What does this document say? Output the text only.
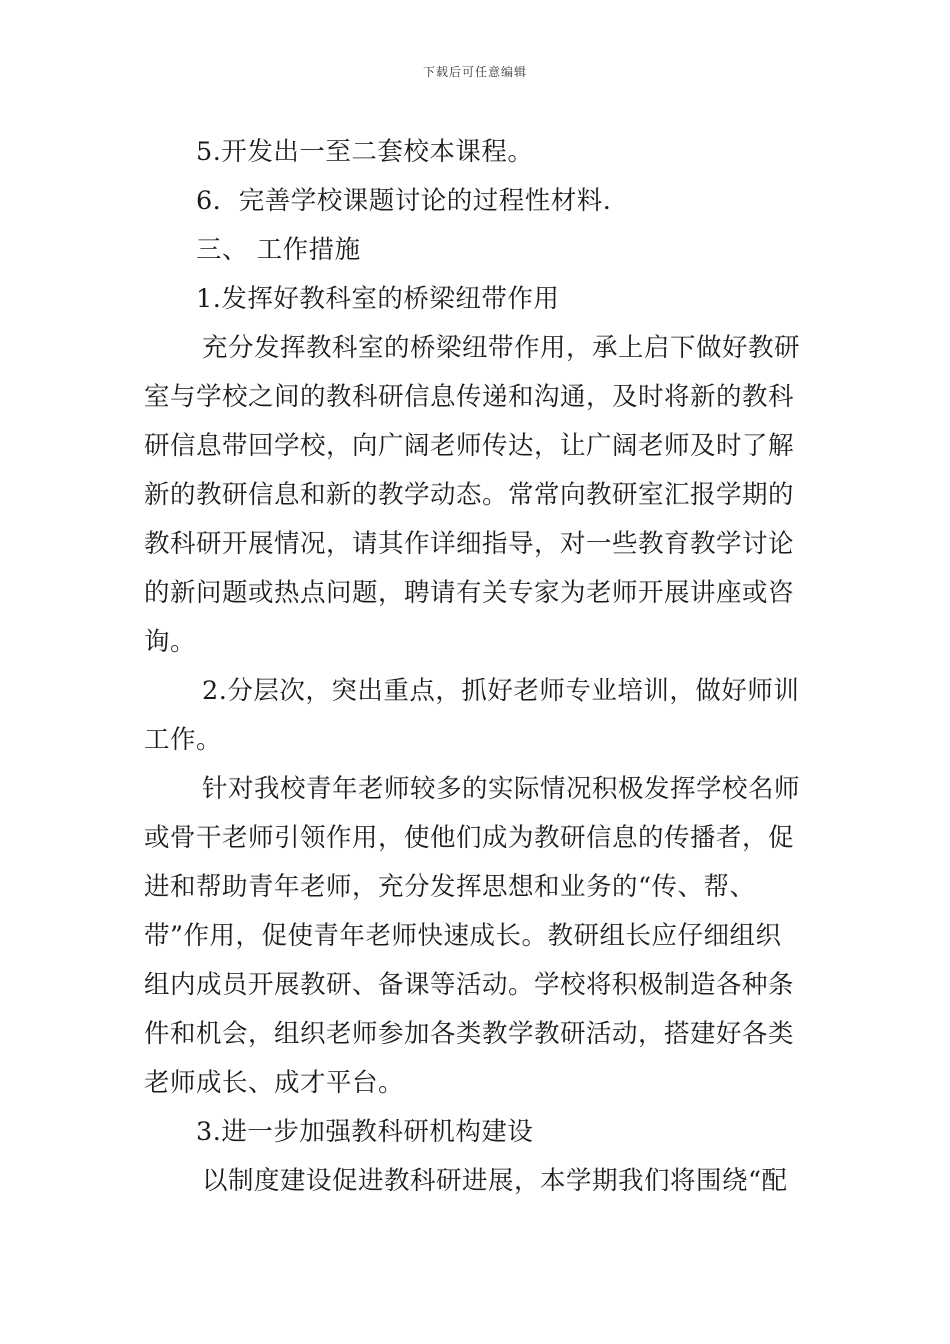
下载后可任意编辑
5.开发出一至二套校本课程。
6．完善学校课题讨论的过程性材料.
三、 工作措施
1.发挥好教科室的桥梁纽带作用
充分发挥教科室的桥梁纽带作用，承上启下做好教研
室与学校之间的教科研信息传递和沟通，及时将新的教科
研信息带回学校，向广阔老师传达，让广阔老师及时了解
新的教研信息和新的教学动态。常常向教研室汇报学期的
教科研开展情况，请其作详细指导，对一些教育教学讨论
的新问题或热点问题，聘请有关专家为老师开展讲座或咨
询。
2.分层次，突出重点，抓好老师专业培训，做好师训
工作。
针对我校青年老师较多的实际情况积极发挥学校名师
或骨干老师引领作用，使他们成为教研信息的传播者，促
进和帮助青年老师，充分发挥思想和业务的“传、帮、
带”作用，促使青年老师快速成长。教研组长应仔细组织
组内成员开展教研、备课等活动。学校将积极制造各种条
件和机会，组织老师参加各类教学教研活动，搭建好各类
老师成长、成才平台。
3.进一步加强教科研机构建设
以制度建设促进教科研进展，本学期我们将围绕“配
